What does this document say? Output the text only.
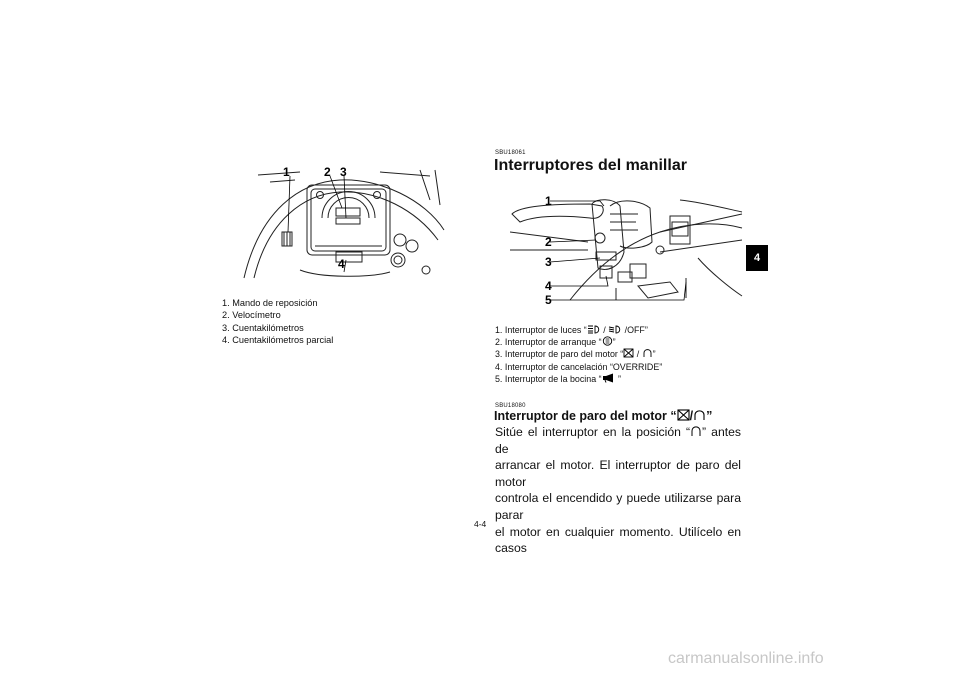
1	2 3
4
1. Mando de reposición
2. Velocímetro
3. Cuentakilómetros
4. Cuentakilómetros parcial
SBU18061
Interruptores del manillar
1
2
3
4
5
1. Interruptor de luces “ /  /OFF”
2. Interruptor de arranque “ ”
3. Interruptor de paro del motor “ / ”
4. Interruptor de cancelación “OVERRIDE”
5. Interruptor de la bocina “ ”
SBU18080
Interruptor de paro del motor “ / ”

Sitúe el interruptor en la posición “ ” antes de

arrancar el motor. El interruptor de paro del motor

controla el encendido y puede utilizarse para parar

el motor en cualquier momento. Utilícelo en casos

4
4-4
carmanualsonline.info
